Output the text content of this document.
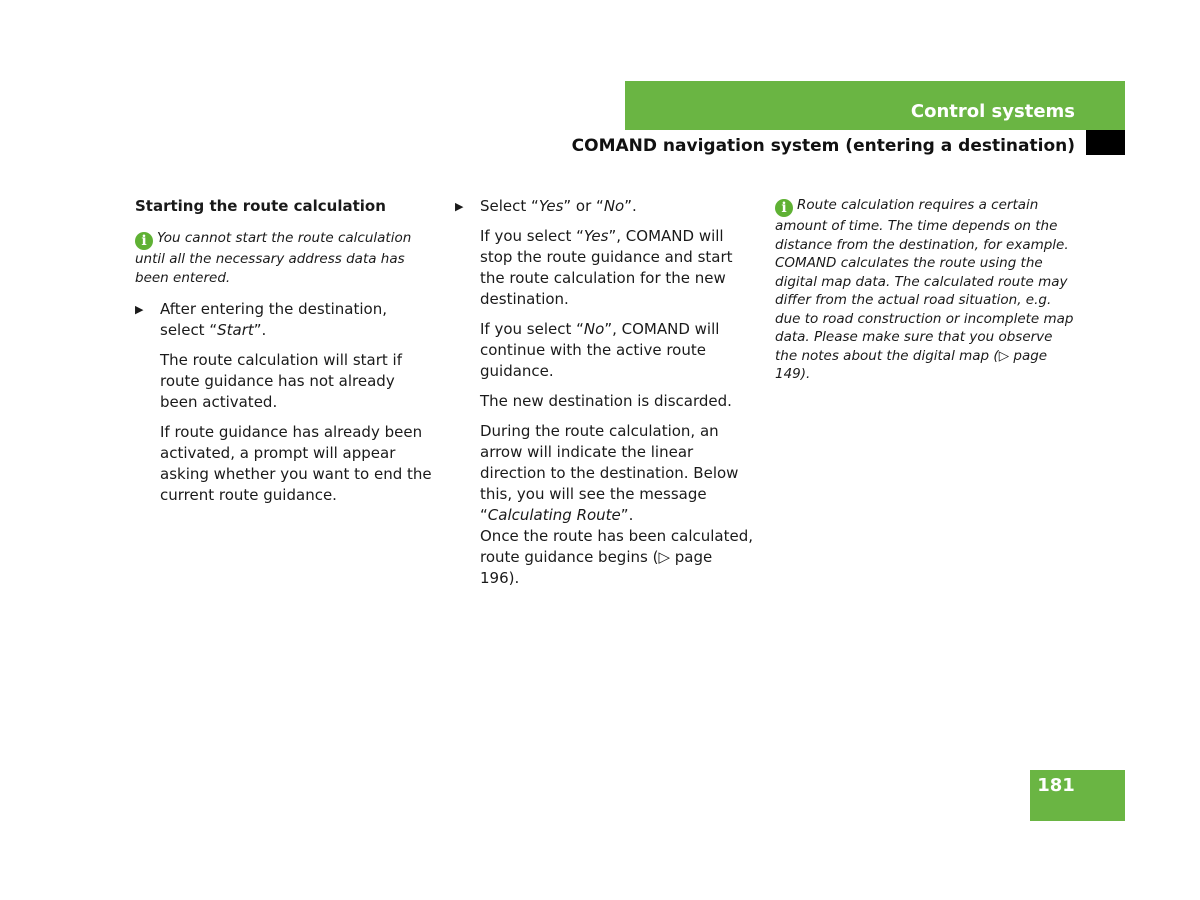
Control systems
COMAND navigation system (entering a destination)
Starting the route calculation
i You cannot start the route calculation until all the necessary address data has been entered.
▶ After entering the destination, select “Start”.
The route calculation will start if route guidance has not already been activated.
If route guidance has already been activated, a prompt will appear asking whether you want to end the current route guidance.
▶ Select “Yes” or “No”.
If you select “Yes”, COMAND will stop the route guidance and start the route calculation for the new destination.
If you select “No”, COMAND will continue with the active route guidance.
The new destination is discarded.
During the route calculation, an arrow will indicate the linear direction to the destination. Below this, you will see the message “Calculating Route”.
Once the route has been calculated, route guidance begins (▷ page 196).

i Route calculation requires a certain amount of time. The time depends on the distance from the destination, for example.

COMAND calculates the route using the digital map data. The calculated route may differ from the actual road situation, e.g. due to road construction or incomplete map data. Please make sure that you observe the notes about the digital map (▷ page 149).

181
